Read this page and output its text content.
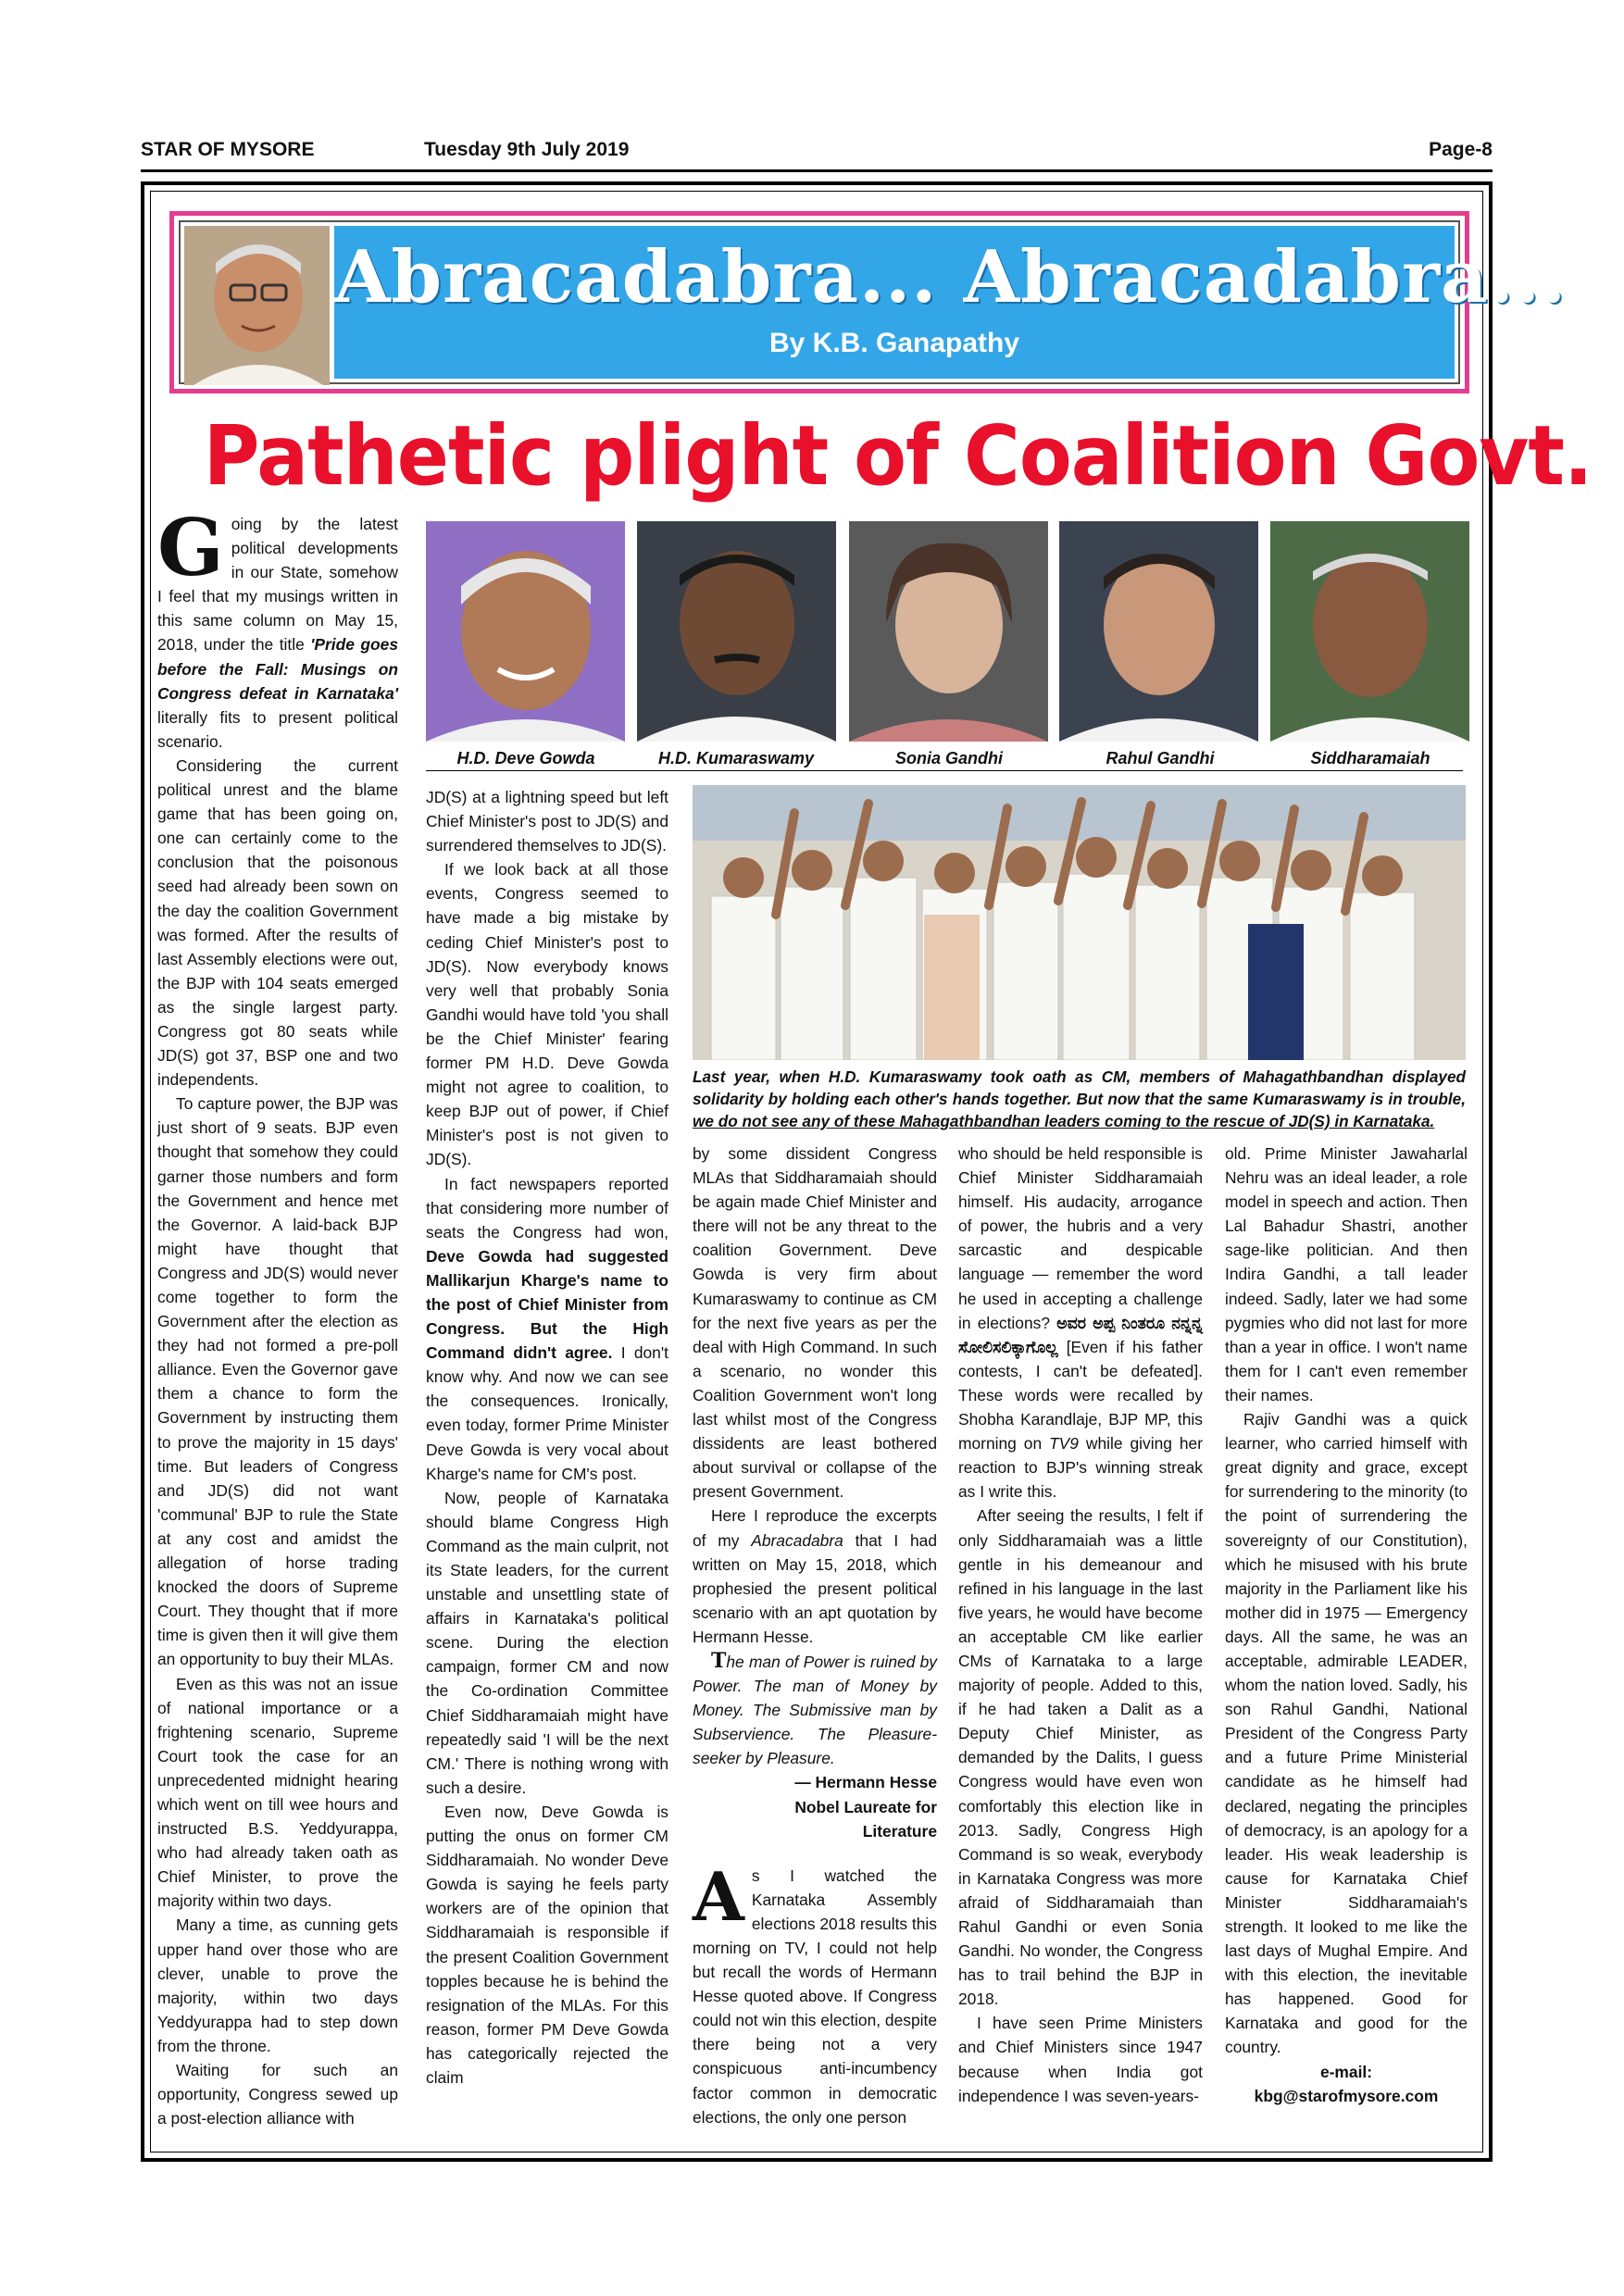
STAR OF MYSORE	Tuesday 9th July 2019	Page-8
Abracadabra... Abracadabra...
By K.B. Ganapathy
Pathetic plight of Coalition Govt.

Going by the latest political developments in our State, somehow I feel that my musings written in this same column on May 15, 2018, under the title 'Pride goes before the Fall: Musings on Congress defeat in Karnataka' literally fits to present political scenario.

Considering the current political unrest and the blame game that has been going on, one can certainly come to the conclusion that the poisonous seed had already been sown on the day the coalition Government was formed. After the results of last Assembly elections were out, the BJP with 104 seats emerged as the single largest party. Congress got 80 seats while JD(S) got 37, BSP one and two independents.

To capture power, the BJP was just short of 9 seats. BJP even thought that somehow they could garner those numbers and form the Government and hence met the Governor. A laid-back BJP might have thought that Congress and JD(S) would never come together to form the Government after the election as they had not formed a pre-poll alliance. Even the Governor gave them a chance to form the Government by instructing them to prove the majority in 15 days' time. But leaders of Congress and JD(S) did not want 'communal' BJP to rule the State at any cost and amidst the allegation of horse trading knocked the doors of Supreme Court. They thought that if more time is given then it will give them an opportunity to buy their MLAs.

Even as this was not an issue of national importance or a frightening scenario, Supreme Court took the case for an unprecedented midnight hearing which went on till wee hours and instructed B.S. Yeddyurappa, who had already taken oath as Chief Minister, to prove the majority within two days.

Many a time, as cunning gets upper hand over those who are clever, unable to prove the majority, within two days Yeddyurappa had to step down from the throne.

Waiting for such an opportunity, Congress sewed up a post-election alliance with

H.D. Deve Gowda	H.D. Kumaraswamy	Sonia Gandhi	Rahul Gandhi	Siddharamaiah

JD(S) at a lightning speed but left Chief Minister's post to JD(S) and surrendered themselves to JD(S).

If we look back at all those events, Congress seemed to have made a big mistake by ceding Chief Minister's post to JD(S). Now everybody knows very well that probably Sonia Gandhi would have told 'you shall be the Chief Minister' fearing former PM H.D. Deve Gowda might not agree to coalition, to keep BJP out of power, if Chief Minister's post is not given to JD(S).

In fact newspapers reported that considering more number of seats the Congress had won, Deve Gowda had suggested Mallikarjun Kharge's name to the post of Chief Minister from Congress. But the High Command didn't agree. I don't know why. And now we can see the consequences. Ironically, even today, former Prime Minister Deve Gowda is very vocal about Kharge's name for CM's post.

Now, people of Karnataka should blame Congress High Command as the main culprit, not its State leaders, for the current unstable and unsettling state of affairs in Karnataka's political scene. During the election campaign, former CM and now the Co-ordination Committee Chief Siddharamaiah might have repeatedly said 'I will be the next CM.' There is nothing wrong with such a desire.

Even now, Deve Gowda is putting the onus on former CM Siddharamaiah. No wonder Deve Gowda is saying he feels party workers are of the opinion that Siddharamaiah is responsible if the present Coalition Government topples because he is behind the resignation of the MLAs. For this reason, former PM Deve Gowda has categorically rejected the claim

Last year, when H.D. Kumaraswamy took oath as CM, members of Mahagathbandhan displayed solidarity by holding each other's hands together. But now that the same Kumaraswamy is in trouble, we do not see any of these Mahagathbandhan leaders coming to the rescue of JD(S) in Karnataka.

by some dissident Congress MLAs that Siddharamaiah should be again made Chief Minister and there will not be any threat to the coalition Government. Deve Gowda is very firm about Kumaraswamy to continue as CM for the next five years as per the deal with High Command. In such a scenario, no wonder this Coalition Government won't long last whilst most of the Congress dissidents are least bothered about survival or collapse of the present Government.

Here I reproduce the excerpts of my Abracadabra that I had written on May 15, 2018, which prophesied the present political scenario with an apt quotation by Hermann Hesse.

The man of Power is ruined by Power. The man of Money by Money. The Submissive man by Subservience. The Pleasure-seeker by Pleasure.

— Hermann Hesse

Nobel Laureate for

Literature

As I watched the Karnataka Assembly elections 2018 results this morning on TV, I could not help but recall the words of Hermann Hesse quoted above. If Congress could not win this election, despite there being not a very conspicuous anti-incumbency factor common in democratic elections, the only one person

who should be held responsible is Chief Minister Siddharamaiah himself. His audacity, arrogance of power, the hubris and a very sarcastic and despicable language — remember the word he used in accepting a challenge in elections? ಅವರ ಅಪ್ಪ ನಿಂತರೂ ನನ್ನನ್ನ ಸೋಲಿಸಲಿಕ್ಕಾಗೊಲ್ಲ [Even if his father contests, I can't be defeated]. These words were recalled by Shobha Karandlaje, BJP MP, this morning on TV9 while giving her reaction to BJP's winning streak as I write this.

After seeing the results, I felt if only Siddharamaiah was a little gentle in his demeanour and refined in his language in the last five years, he would have become an acceptable CM like earlier CMs of Karnataka to a large majority of people. Added to this, if he had taken a Dalit as a Deputy Chief Minister, as demanded by the Dalits, I guess Congress would have even won comfortably this election like in 2013. Sadly, Congress High Command is so weak, everybody in Karnataka Congress was more afraid of Siddharamaiah than Rahul Gandhi or even Sonia Gandhi. No wonder, the Congress has to trail behind the BJP in 2018.

I have seen Prime Ministers and Chief Ministers since 1947 because when India got independence I was seven-years-

old. Prime Minister Jawaharlal Nehru was an ideal leader, a role model in speech and action. Then Lal Bahadur Shastri, another sage-like politician. And then Indira Gandhi, a tall leader indeed. Sadly, later we had some pygmies who did not last for more than a year in office. I won't name them for I can't even remember their names.

Rajiv Gandhi was a quick learner, who carried himself with great dignity and grace, except for surrendering to the minority (to the point of surrendering the sovereignty of our Constitution), which he misused with his brute majority in the Parliament like his mother did in 1975 — Emergency days. All the same, he was an acceptable, admirable LEADER, whom the nation loved. Sadly, his son Rahul Gandhi, National President of the Congress Party and a future Prime Ministerial candidate as he himself had declared, negating the principles of democracy, is an apology for a leader. His weak leadership is cause for Karnataka Chief Minister Siddharamaiah's strength. It looked to me like the last days of Mughal Empire. And with this election, the inevitable has happened. Good for Karnataka and good for the country.

e-mail:

kbg@starofmysore.com
